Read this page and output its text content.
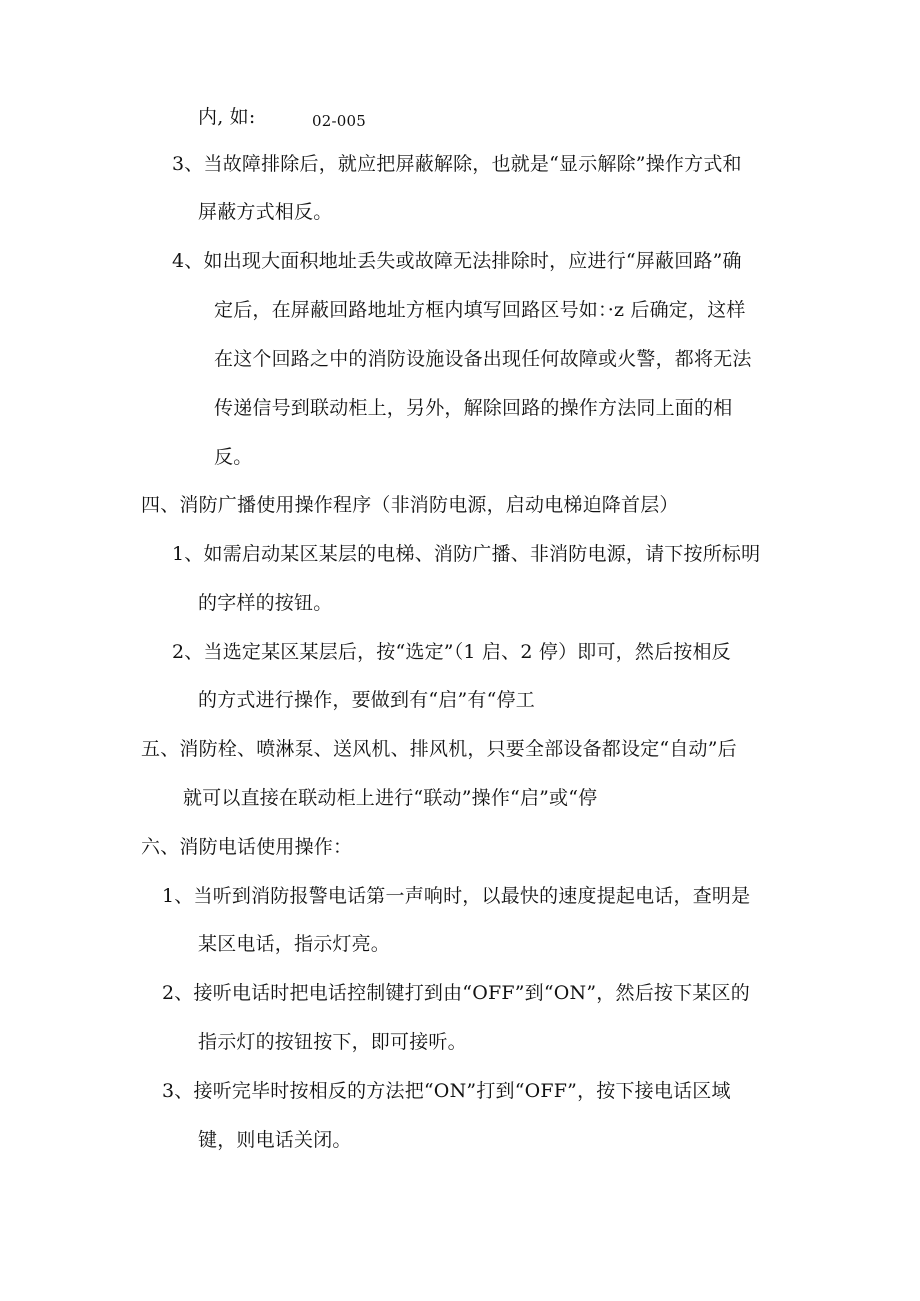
内, 如:	02-005
3、当故障排除后，就应把屏蔽解除，也就是“显示解除”操作方式和
屏蔽方式相反。
4、如出现大面积地址丢失或故障无法排除时，应进行“屏蔽回路”确
定后，在屏蔽回路地址方框内填写回路区号如：·z 后确定，这样
在这个回路之中的消防设施设备出现任何故障或火警，都将无法
传递信号到联动柜上，另外，解除回路的操作方法同上面的相
反。
四、消防广播使用操作程序（非消防电源，启动电梯迫降首层）
1、如需启动某区某层的电梯、消防广播、非消防电源，请下按所标明
的字样的按钮。
2、当选定某区某层后，按“选定”（1 启、2 停）即可，然后按相反
的方式进行操作，要做到有“启”有“停工
五、消防栓、喷淋泵、送风机、排风机，只要全部设备都设定“自动”后
就可以直接在联动柜上进行“联动”操作“启”或“停
六、消防电话使用操作：
1、当听到消防报警电话第一声响时，以最快的速度提起电话，查明是
某区电话，指示灯亮。
2、接听电话时把电话控制键打到由“OFF”到“ON”，然后按下某区的
指示灯的按钮按下，即可接听。
3、接听完毕时按相反的方法把“ON”打到“OFF”，按下接电话区域
键，则电话关闭。
